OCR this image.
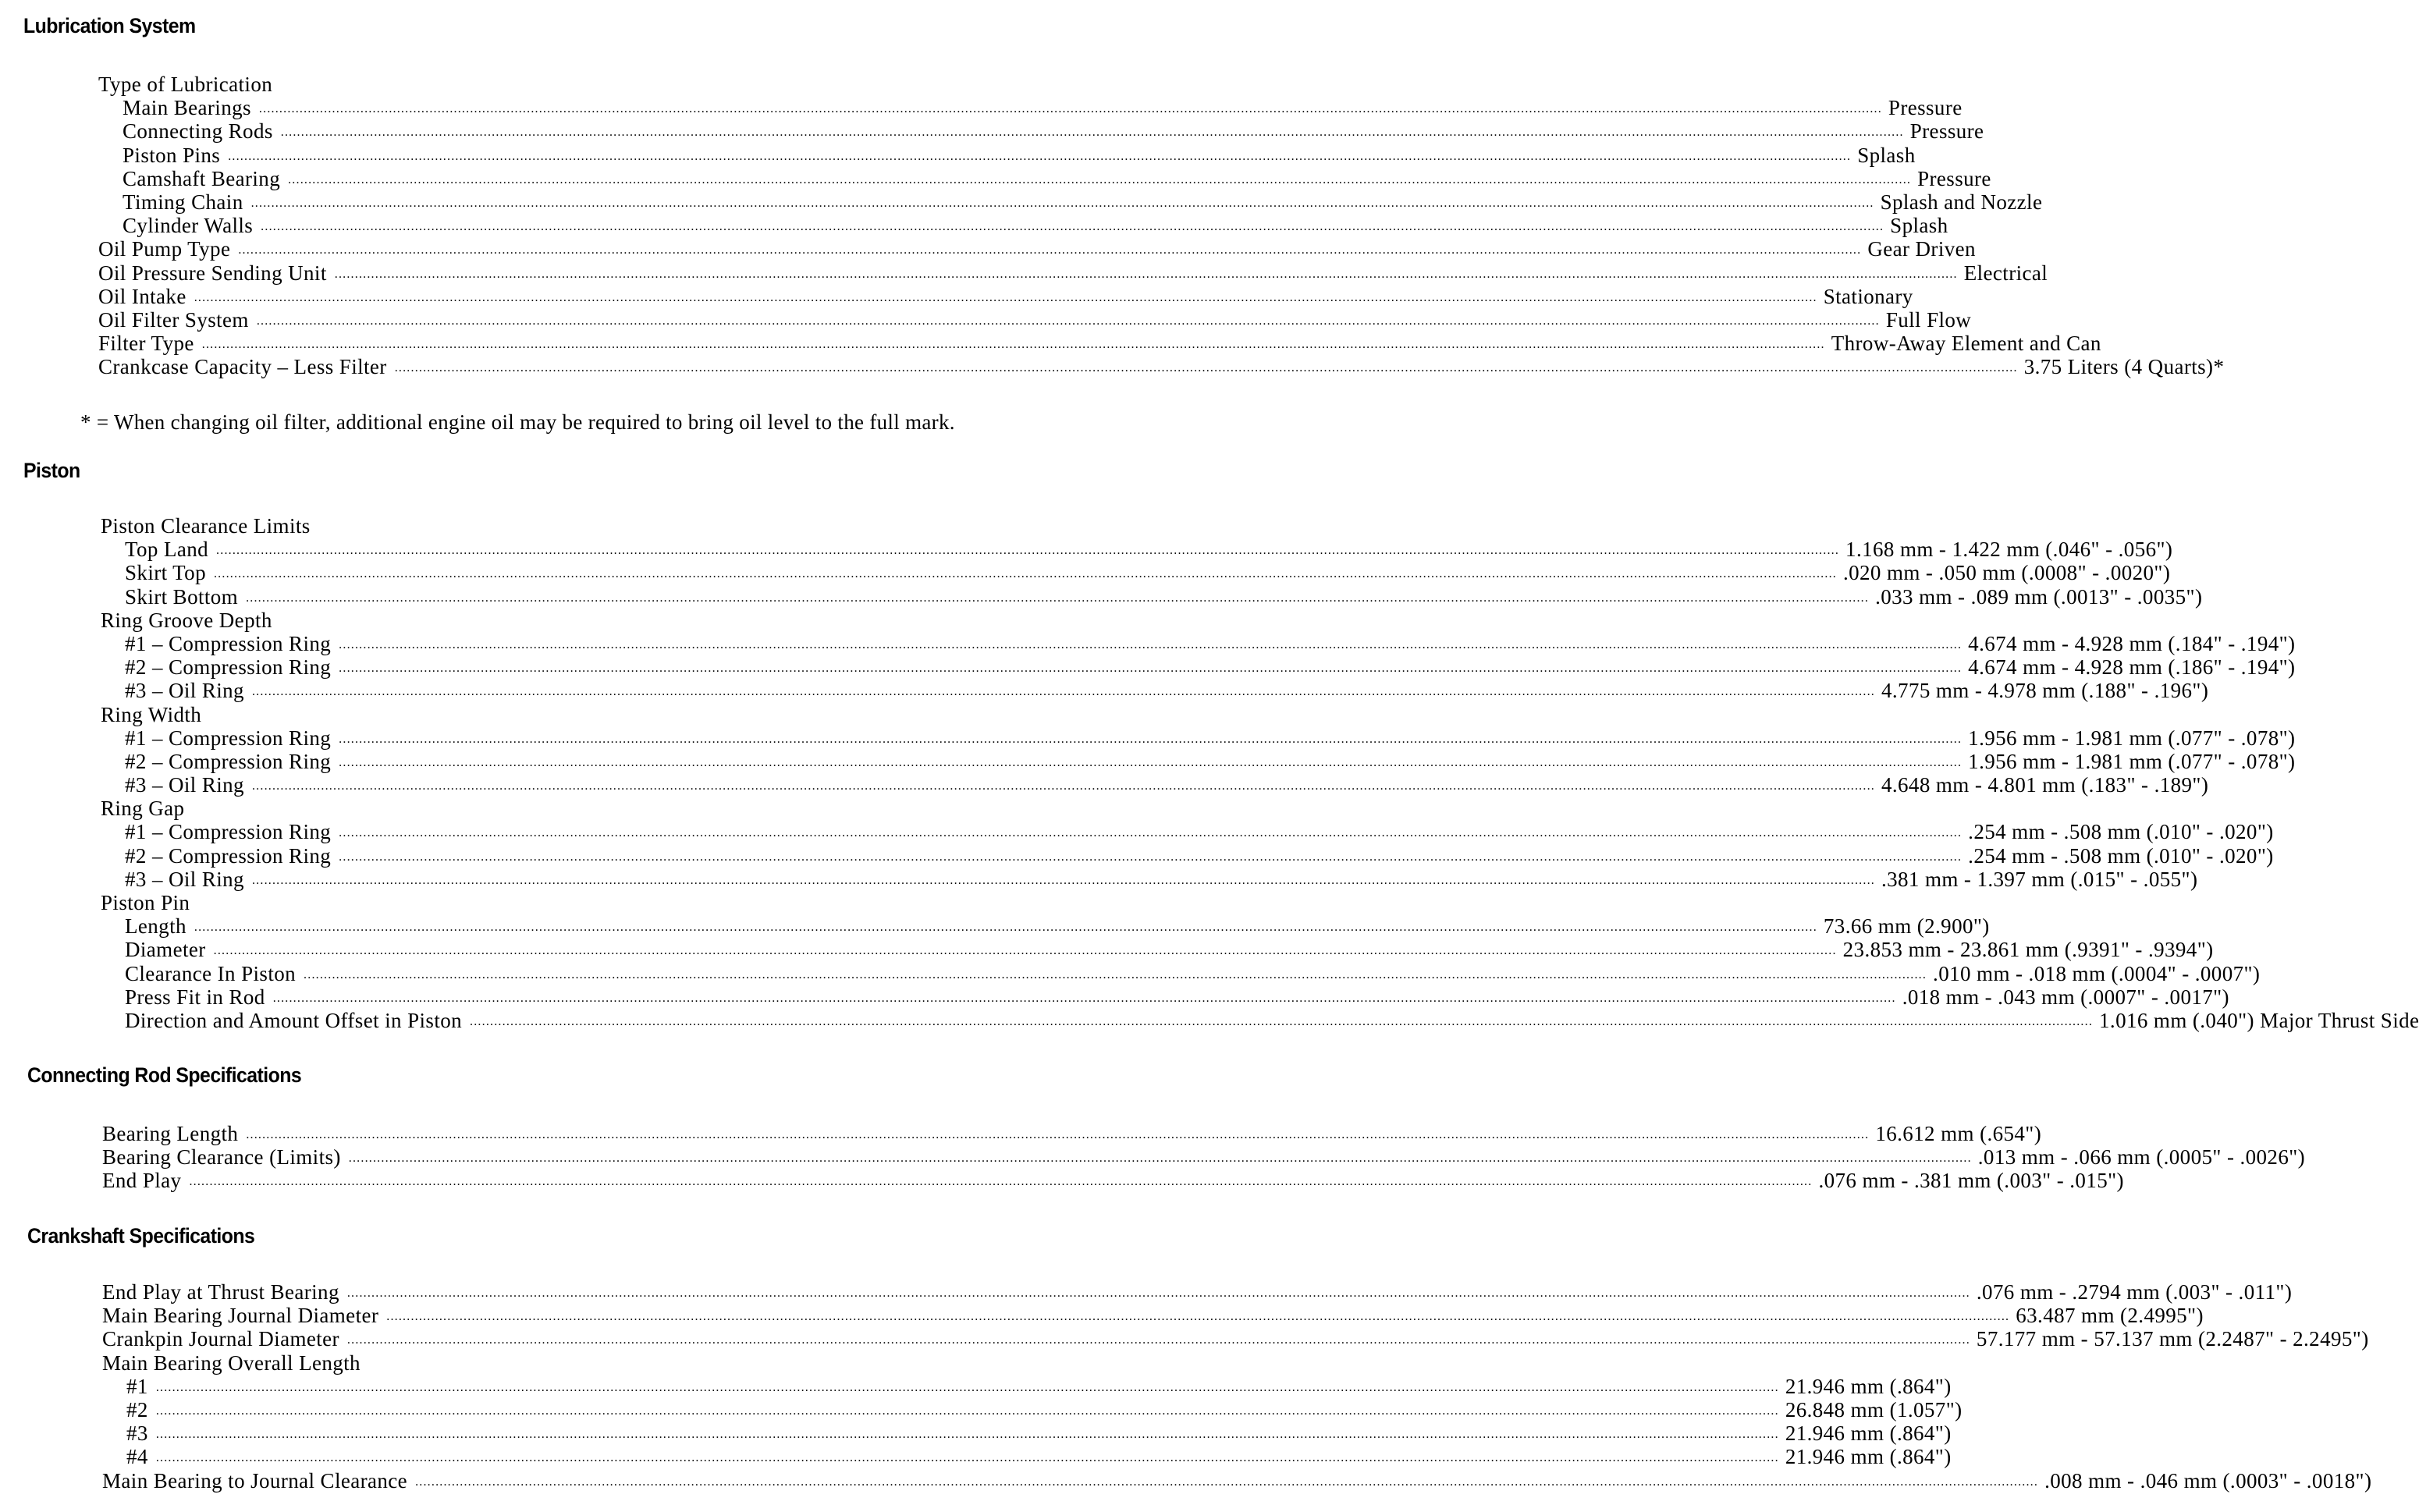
Lubrication System
Type of Lubrication
Main Bearings ................................................................................................................................................................................................................................................................................................................................................................................................................ Pressure
Connecting Rods ................................................................................................................................................................................................................................................................................................................................................................................................................ Pressure
Piston Pins ................................................................................................................................................................................................................................................................................................................................................................................................................ Splash
Camshaft Bearing ................................................................................................................................................................................................................................................................................................................................................................................................................ Pressure
Timing Chain ................................................................................................................................................................................................................................................................................................................................................................................................................ Splash and Nozzle
Cylinder Walls ................................................................................................................................................................................................................................................................................................................................................................................................................ Splash
Oil Pump Type ................................................................................................................................................................................................................................................................................................................................................................................................................ Gear Driven
Oil Pressure Sending Unit ................................................................................................................................................................................................................................................................................................................................................................................................................ Electrical
Oil Intake ................................................................................................................................................................................................................................................................................................................................................................................................................ Stationary
Oil Filter System ................................................................................................................................................................................................................................................................................................................................................................................................................ Full Flow
Filter Type ................................................................................................................................................................................................................................................................................................................................................................................................................ Throw-Away Element and Can
Crankcase Capacity – Less Filter ................................................................................................................................................................................................................................................................................................................................................................................................................ 3.75 Liters (4 Quarts)*
* = When changing oil filter, additional engine oil may be required to bring oil level to the full mark.
Piston
Piston Clearance Limits
Top Land ................................................................................................................................................................................................................................................................................................................................................................................................................ 1.168 mm - 1.422 mm (.046" - .056")
Skirt Top ................................................................................................................................................................................................................................................................................................................................................................................................................ .020 mm - .050 mm (.0008" - .0020")
Skirt Bottom ................................................................................................................................................................................................................................................................................................................................................................................................................ .033 mm - .089 mm (.0013" - .0035")
Ring Groove Depth
#1 – Compression Ring ................................................................................................................................................................................................................................................................................................................................................................................................................ 4.674 mm - 4.928 mm (.184" - .194")
#2 – Compression Ring ................................................................................................................................................................................................................................................................................................................................................................................................................ 4.674 mm - 4.928 mm (.186" - .194")
#3 – Oil Ring ................................................................................................................................................................................................................................................................................................................................................................................................................ 4.775 mm - 4.978 mm (.188" - .196")
Ring Width
#1 – Compression Ring ................................................................................................................................................................................................................................................................................................................................................................................................................ 1.956 mm - 1.981 mm (.077" - .078")
#2 – Compression Ring ................................................................................................................................................................................................................................................................................................................................................................................................................ 1.956 mm - 1.981 mm (.077" - .078")
#3 – Oil Ring ................................................................................................................................................................................................................................................................................................................................................................................................................ 4.648 mm - 4.801 mm (.183" - .189")
Ring Gap
#1 – Compression Ring ................................................................................................................................................................................................................................................................................................................................................................................................................ .254 mm - .508 mm (.010" - .020")
#2 – Compression Ring ................................................................................................................................................................................................................................................................................................................................................................................................................ .254 mm - .508 mm (.010" - .020")
#3 – Oil Ring ................................................................................................................................................................................................................................................................................................................................................................................................................ .381 mm - 1.397 mm (.015" - .055")
Piston Pin
Length ................................................................................................................................................................................................................................................................................................................................................................................................................ 73.66 mm (2.900")
Diameter ................................................................................................................................................................................................................................................................................................................................................................................................................ 23.853 mm - 23.861 mm (.9391" - .9394")
Clearance In Piston ................................................................................................................................................................................................................................................................................................................................................................................................................ .010 mm - .018 mm (.0004" - .0007")
Press Fit in Rod ................................................................................................................................................................................................................................................................................................................................................................................................................ .018 mm - .043 mm (.0007" - .0017")
Direction and Amount Offset in Piston ................................................................................................................................................................................................................................................................................................................................................................................................................ 1.016 mm (.040") Major Thrust Side
Connecting Rod Specifications
Bearing Length ................................................................................................................................................................................................................................................................................................................................................................................................................ 16.612 mm (.654")
Bearing Clearance (Limits) ................................................................................................................................................................................................................................................................................................................................................................................................................ .013 mm - .066 mm (.0005" - .0026")
End Play ................................................................................................................................................................................................................................................................................................................................................................................................................ .076 mm - .381 mm (.003" - .015")
Crankshaft Specifications
End Play at Thrust Bearing ................................................................................................................................................................................................................................................................................................................................................................................................................ .076 mm - .2794 mm (.003" - .011")
Main Bearing Journal Diameter ................................................................................................................................................................................................................................................................................................................................................................................................................ 63.487 mm (2.4995")
Crankpin Journal Diameter ................................................................................................................................................................................................................................................................................................................................................................................................................ 57.177 mm - 57.137 mm (2.2487" - 2.2495")
Main Bearing Overall Length
#1 ................................................................................................................................................................................................................................................................................................................................................................................................................ 21.946 mm (.864")
#2 ................................................................................................................................................................................................................................................................................................................................................................................................................ 26.848 mm (1.057")
#3 ................................................................................................................................................................................................................................................................................................................................................................................................................ 21.946 mm (.864")
#4 ................................................................................................................................................................................................................................................................................................................................................................................................................ 21.946 mm (.864")
Main Bearing to Journal Clearance ................................................................................................................................................................................................................................................................................................................................................................................................................ .008 mm - .046 mm (.0003" - .0018")
